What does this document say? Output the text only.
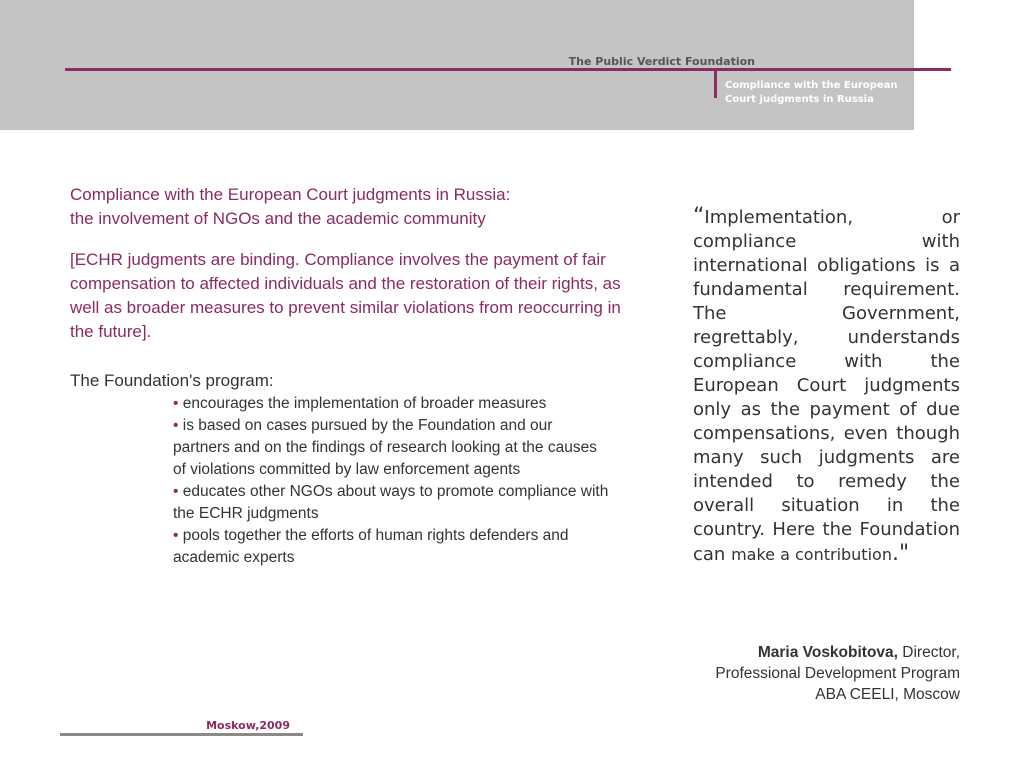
The Public Verdict Foundation
Compliance with the European
Court judgments in Russia
Compliance with the European Court judgments in Russia:
the involvement of NGOs and the academic community

[ECHR judgments are binding. Compliance involves the payment of fair compensation to affected individuals and the restoration of their rights, as well as broader measures to prevent similar violations from reoccurring in the future].

The Foundation's program:

• encourages the implementation of broader measures
• is based on cases pursued by the Foundation and our partners and on the findings of research looking at the causes of violations committed by law enforcement agents
• educates other NGOs about ways to promote compliance with the ECHR judgments
• pools together the efforts of human rights defenders and academic experts

“Implementation, or compliance with international obligations is a fundamental requirement. The Government, regrettably, understands compliance with the European Court judgments only as the payment of due compensations, even though many such judgments are intended to remedy the overall situation in the country. Here the Foundation can make a contribution."

Maria Voskobitova, Director,
Professional Development Program
ABA CEELI, Moscow
Moskow,2009
